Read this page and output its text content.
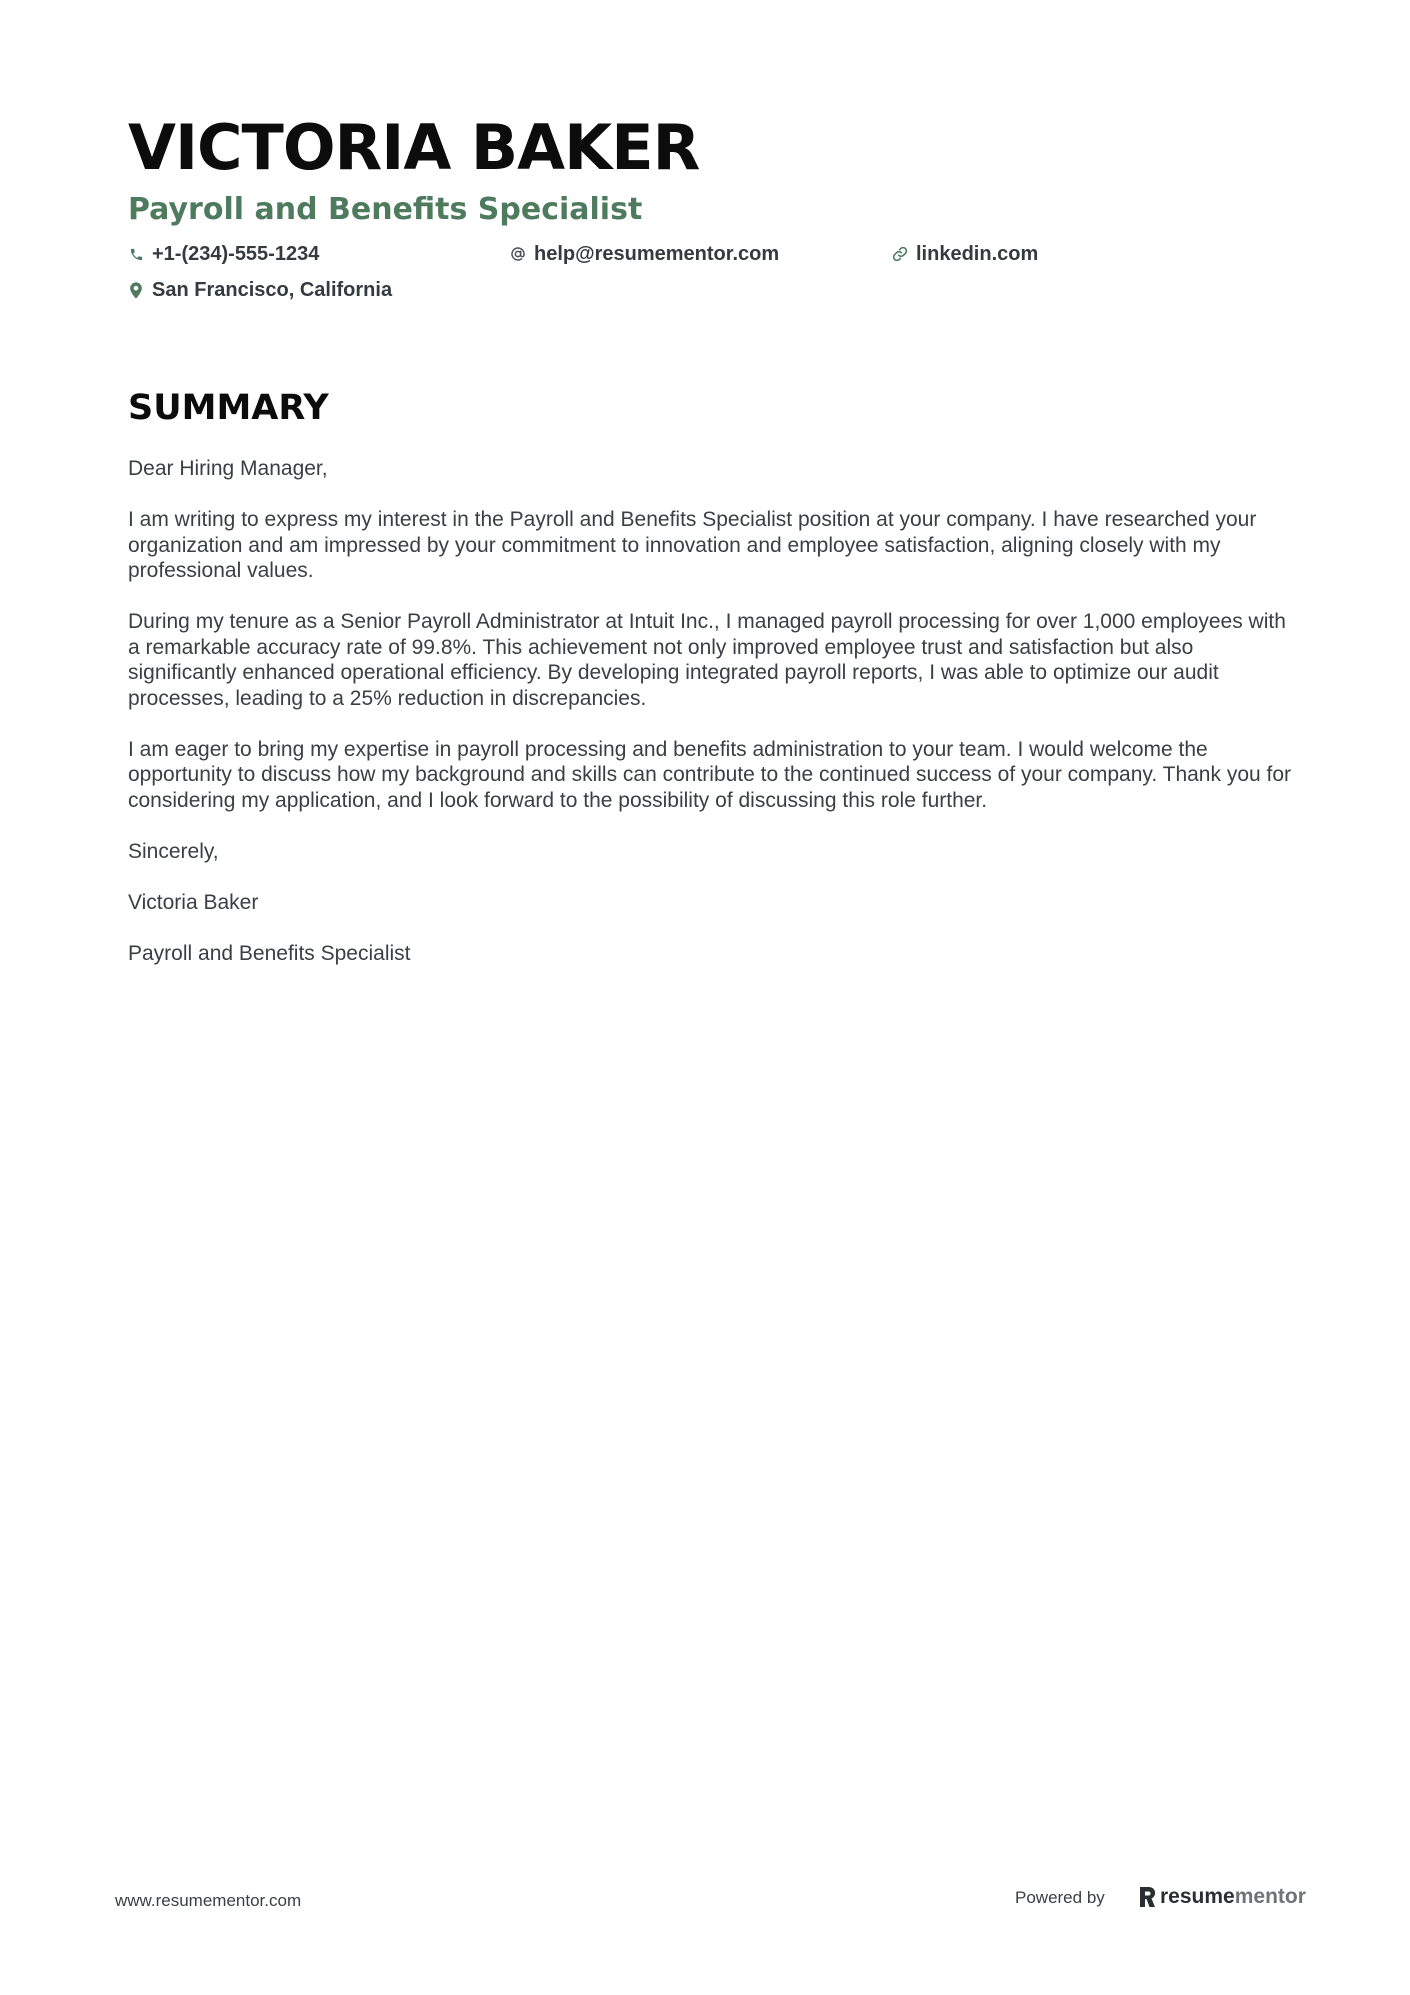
VICTORIA BAKER
Payroll and Benefits Specialist
+1-(234)-555-1234	help@resumementor.com	linkedin.com
San Francisco, California
SUMMARY

Dear Hiring Manager,

I am writing to express my interest in the Payroll and Benefits Specialist position at your company. I have researched your organization and am impressed by your commitment to innovation and employee satisfaction, aligning closely with my professional values.

During my tenure as a Senior Payroll Administrator at Intuit Inc., I managed payroll processing for over 1,000 employees with a remarkable accuracy rate of 99.8%. This achievement not only improved employee trust and satisfaction but also significantly enhanced operational efficiency. By developing integrated payroll reports, I was able to optimize our audit processes, leading to a 25% reduction in discrepancies.

I am eager to bring my expertise in payroll processing and benefits administration to your team. I would welcome the opportunity to discuss how my background and skills can contribute to the continued success of your company. Thank you for considering my application, and I look forward to the possibility of discussing this role further.

Sincerely,

Victoria Baker

Payroll and Benefits Specialist

www.resumementor.com	Powered by	resume mentor
